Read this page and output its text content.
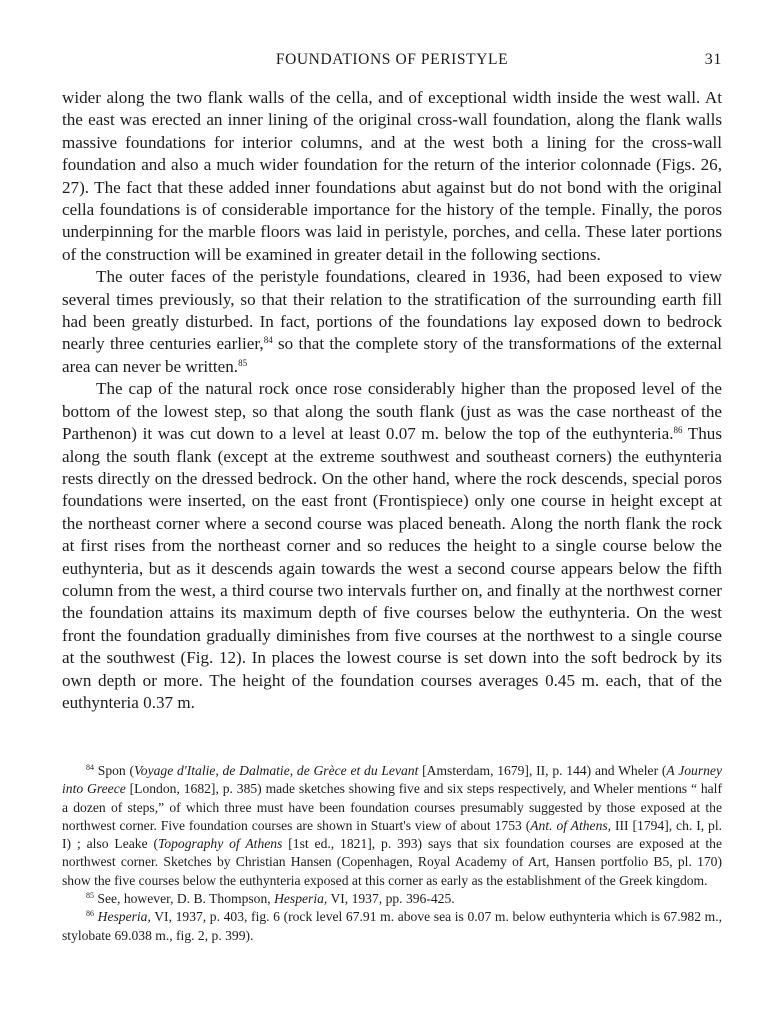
FOUNDATIONS OF PERISTYLE	31

wider along the two flank walls of the cella, and of exceptional width inside the west wall. At the east was erected an inner lining of the original cross-wall foundation, along the flank walls massive foundations for interior columns, and at the west both a lining for the cross-wall foundation and also a much wider foundation for the return of the interior colonnade (Figs. 26, 27). The fact that these added inner foundations abut against but do not bond with the original cella foundations is of considerable importance for the history of the temple. Finally, the poros underpinning for the marble floors was laid in peristyle, porches, and cella. These later portions of the construction will be examined in greater detail in the following sections.

The outer faces of the peristyle foundations, cleared in 1936, had been exposed to view several times previously, so that their relation to the stratification of the surrounding earth fill had been greatly disturbed. In fact, portions of the foundations lay exposed down to bedrock nearly three centuries earlier,$^{84}$ so that the complete story of the transformations of the external area can never be written.$^{85}$

The cap of the natural rock once rose considerably higher than the proposed level of the bottom of the lowest step, so that along the south flank (just as was the case northeast of the Parthenon) it was cut down to a level at least 0.07 m. below the top of the euthynteria.$^{86}$ Thus along the south flank (except at the extreme southwest and southeast corners) the euthynteria rests directly on the dressed bedrock. On the other hand, where the rock descends, special poros foundations were inserted, on the east front (Frontispiece) only one course in height except at the northeast corner where a second course was placed beneath. Along the north flank the rock at first rises from the northeast corner and so reduces the height to a single course below the euthynteria, but as it descends again towards the west a second course appears below the fifth column from the west, a third course two intervals further on, and finally at the northwest corner the foundation attains its maximum depth of five courses below the euthynteria. On the west front the foundation gradually diminishes from five courses at the northwest to a single course at the southwest (Fig. 12). In places the lowest course is set down into the soft bedrock by its own depth or more. The height of the foundation courses averages 0.45 m. each, that of the euthynteria 0.37 m.

$^{84}$ Spon (Voyage d'Italie, de Dalmatie, de Grèce et du Levant [Amsterdam, 1679], II, p. 144) and Wheler (A Journey into Greece [London, 1682], p. 385) made sketches showing five and six steps respectively, and Wheler mentions “ half a dozen of steps,” of which three must have been foundation courses presumably suggested by those exposed at the northwest corner. Five foundation courses are shown in Stuart's view of about 1753 (Ant. of Athens, III [1794], ch. I, pl. I) ; also Leake (Topography of Athens [1st ed., 1821], p. 393) says that six foundation courses are exposed at the northwest corner. Sketches by Christian Hansen (Copenhagen, Royal Academy of Art, Hansen portfolio B5, pl. 170) show the five courses below the euthynteria exposed at this corner as early as the establishment of the Greek kingdom.

$^{85}$ See, however, D. B. Thompson, Hesperia, VI, 1937, pp. 396-425.

$^{86}$ Hesperia, VI, 1937, p. 403, fig. 6 (rock level 67.91 m. above sea is 0.07 m. below euthynteria which is 67.982 m., stylobate 69.038 m., fig. 2, p. 399).
